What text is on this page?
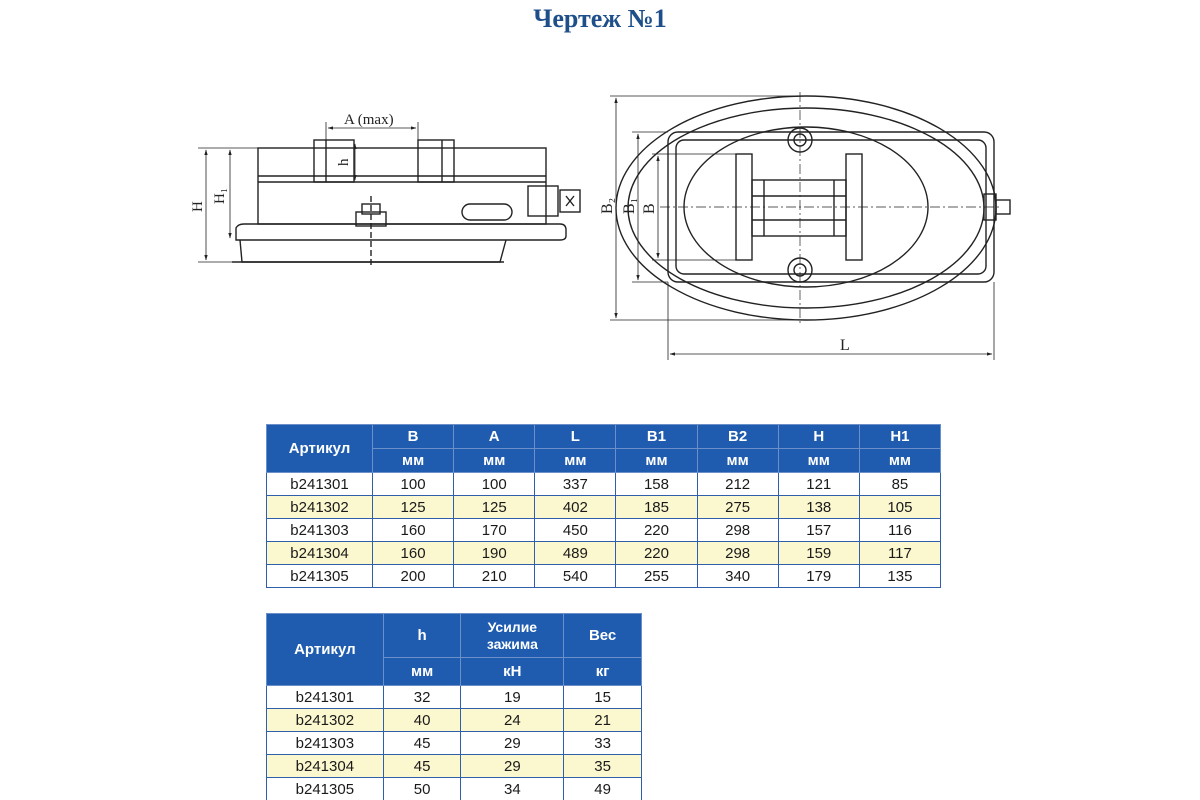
Чертеж №1
A (max)
h
H
H₁
B₂ B₁ B
L
Артикул	B	A	L	B1	B2	H	H1
	мм	мм	мм	мм	мм	мм	мм
b241301	100	100	337	158	212	121	85
b241302	125	125	402	185	275	138	105
b241303	160	170	450	220	298	157	116
b241304	160	190	489	220	298	159	117
b241305	200	210	540	255	340	179	135
Артикул	h	Усилие зажима	Вес
	мм	кН	кг
b241301	32	19	15
b241302	40	24	21
b241303	45	29	33
b241304	45	29	35
b241305	50	34	49
